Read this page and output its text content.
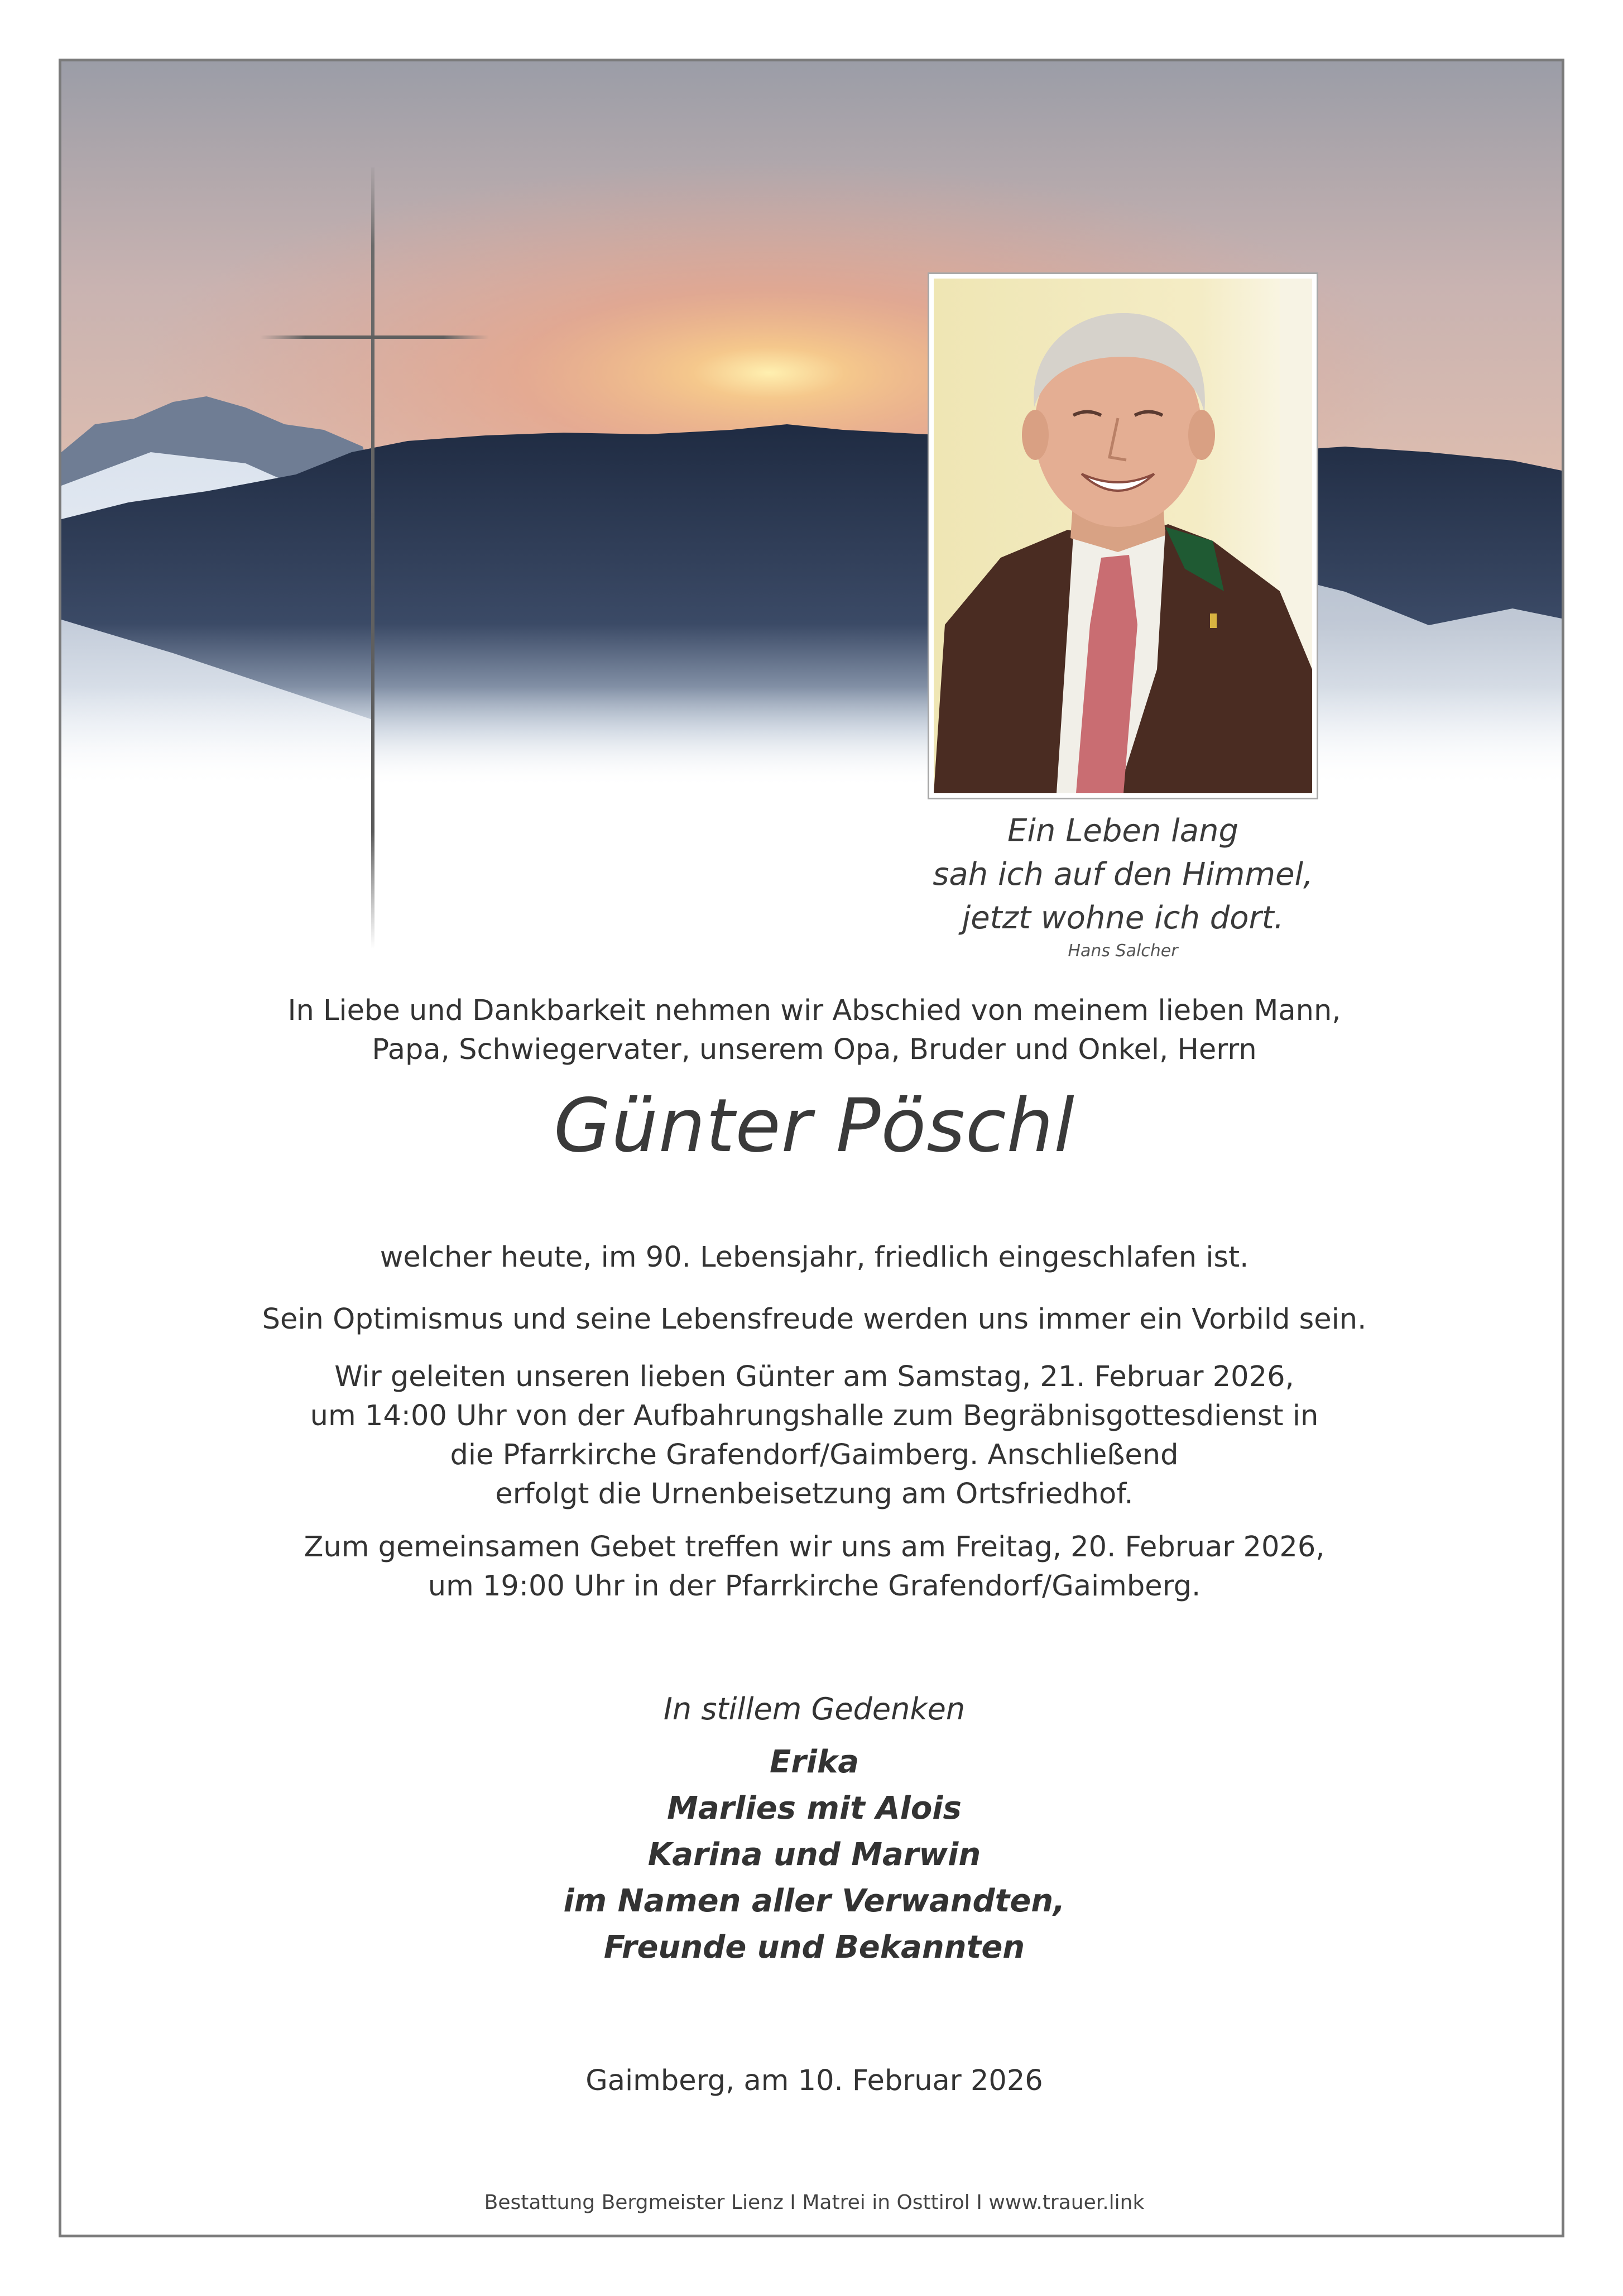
Ein Leben lang
sah ich auf den Himmel,
jetzt wohne ich dort.
Hans Salcher
In Liebe und Dankbarkeit nehmen wir Abschied von meinem lieben Mann,
Papa, Schwiegervater, unserem Opa, Bruder und Onkel, Herrn
Günter Pöschl
welcher heute, im 90. Lebensjahr, friedlich eingeschlafen ist.
Sein Optimismus und seine Lebensfreude werden uns immer ein Vorbild sein.
Wir geleiten unseren lieben Günter am Samstag, 21. Februar 2026,
um 14:00 Uhr von der Aufbahrungshalle zum Begräbnisgottesdienst in
die Pfarrkirche Grafendorf/Gaimberg. Anschließend
erfolgt die Urnenbeisetzung am Ortsfriedhof.
Zum gemeinsamen Gebet treffen wir uns am Freitag, 20. Februar 2026,
um 19:00 Uhr in der Pfarrkirche Grafendorf/Gaimberg.
In stillem Gedenken
Erika
Marlies mit Alois
Karina und Marwin
im Namen aller Verwandten,
Freunde und Bekannten
Gaimberg, am 10. Februar 2026
Bestattung Bergmeister Lienz I Matrei in Osttirol I www.trauer.link
